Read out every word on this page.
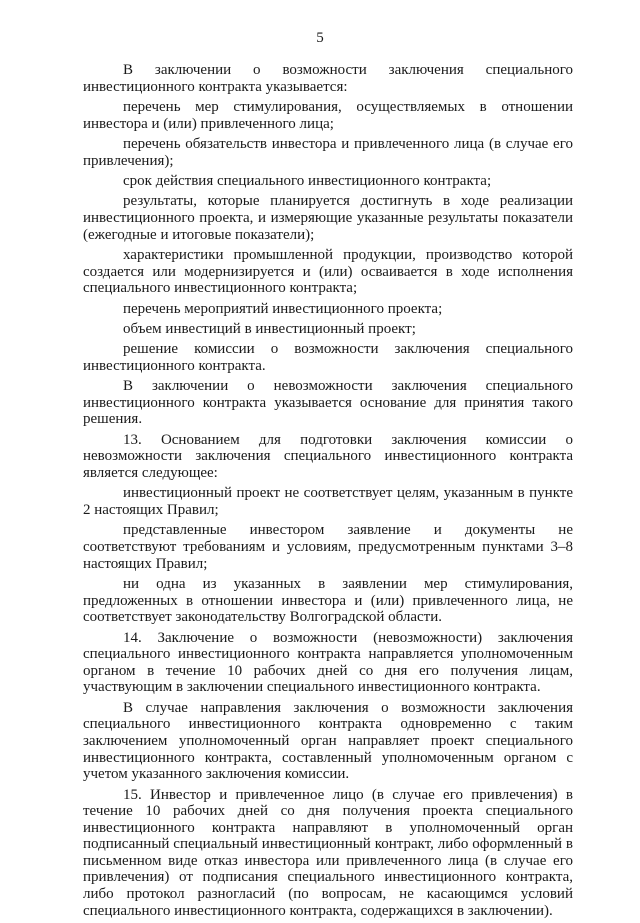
5

В заключении о возможности заключения специального инвестиционного контракта указывается:

перечень мер стимулирования, осуществляемых в отношении инвестора и (или) привлеченного лица;

перечень обязательств инвестора и привлеченного лица (в случае его привлечения);

срок действия специального инвестиционного контракта;

результаты, которые планируется достигнуть в ходе реализации инвестиционного проекта, и измеряющие указанные результаты показатели (ежегодные и итоговые показатели);

характеристики промышленной продукции, производство которой создается или модернизируется и (или) осваивается в ходе исполнения специального инвестиционного контракта;

перечень мероприятий инвестиционного проекта;

объем инвестиций в инвестиционный проект;

решение комиссии о возможности заключения специального инвестиционного контракта.

В заключении о невозможности заключения специального инвестиционного контракта указывается основание для принятия такого решения.

13. Основанием для подготовки заключения комиссии о невозможности заключения специального инвестиционного контракта является следующее:

инвестиционный проект не соответствует целям, указанным в пункте 2 настоящих Правил;

представленные инвестором заявление и документы не соответствуют требованиям и условиям, предусмотренным пунктами 3–8 настоящих Правил;

ни одна из указанных в заявлении мер стимулирования, предложенных в отношении инвестора и (или) привлеченного лица, не соответствует законодательству Волгоградской области.

14. Заключение о возможности (невозможности) заключения специального инвестиционного контракта направляется уполномоченным органом в течение 10 рабочих дней со дня его получения лицам, участвующим в заключении специального инвестиционного контракта.

В случае направления заключения о возможности заключения специального инвестиционного контракта одновременно с таким заключением уполномоченный орган направляет проект специального инвестиционного контракта, составленный уполномоченным органом с учетом указанного заключения комиссии.

15. Инвестор и привлеченное лицо (в случае его привлечения) в течение 10 рабочих дней со дня получения проекта специального инвестиционного контракта направляют в уполномоченный орган подписанный специальный инвестиционный контракт, либо оформленный в письменном виде отказ инвестора или привлеченного лица (в случае его привлечения) от подписания специального инвестиционного контракта, либо протокол разногласий (по вопросам, не касающимся условий специального инвестиционного контракта, содержащихся в заключении).
